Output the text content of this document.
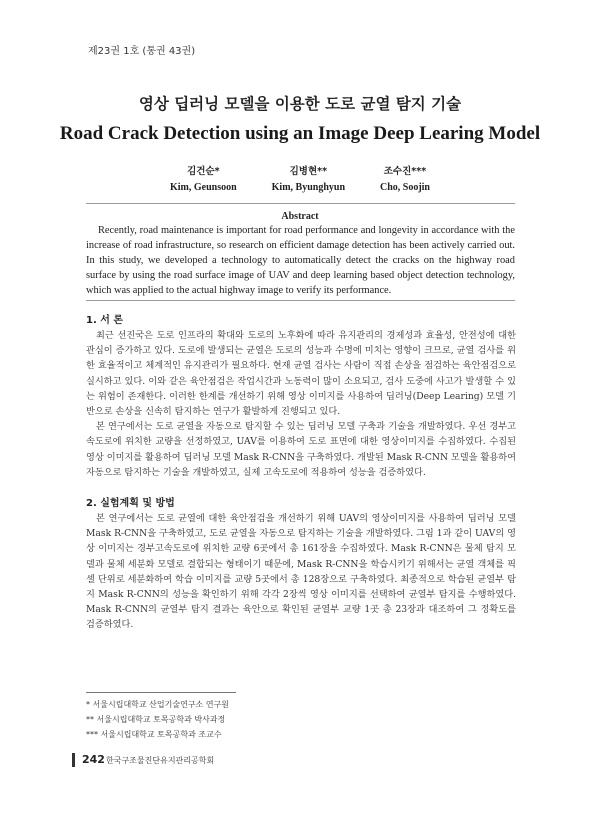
제23권 1호 (통권 43권)
영상 딥러닝 모델을 이용한 도로 균열 탐지 기술
Road Crack Detection using an Image Deep Learing Model
김건순*
Kim, Geunsoon
김병현**
Kim, Byunghyun
조수진***
Cho, Soojin
Abstract
Recently, road maintenance is important for road performance and longevity in accordance with the increase of road infrastructure, so research on efficient damage detection has been actively carried out. In this study, we developed a technology to automatically detect the cracks on the highway road surface by using the road surface image of UAV and deep learning based object detection technology, which was applied to the actual highway image to verify its performance.
1. 서 론

최근 선진국은 도로 인프라의 확대와 도로의 노후화에 따라 유지관리의 경제성과 효율성, 안전성에 대한 관심이 증가하고 있다. 도로에 발생되는 균열은 도로의 성능과 수명에 미치는 영향이 크므로, 균열 검사를 위한 효율적이고 체계적인 유지관리가 필요하다. 현재 균열 검사는 사람이 직접 손상을 점검하는 육안점검으로 실시하고 있다. 이와 같은 육안점검은 작업시간과 노동력이 많이 소요되고, 검사 도중에 사고가 발생할 수 있는 위험이 존재한다. 이러한 한계를 개선하기 위해 영상 이미지를 사용하여 딥러닝(Deep Learing) 모델 기반으로 손상을 신속히 탐지하는 연구가 활발하게 진행되고 있다.

본 연구에서는 도로 균열을 자동으로 탐지할 수 있는 딥러닝 모델 구축과 기술을 개발하였다. 우선 경부고속도로에 위치한 교량을 선정하였고, UAV를 이용하여 도로 표면에 대한 영상이미지를 수집하였다. 수집된 영상 이미지를 활용하여 딥러닝 모델 Mask R-CNN을 구축하였다. 개발된 Mask R-CNN 모델을 활용하여 자동으로 탐지하는 기술을 개발하였고, 실제 고속도로에 적용하여 성능을 검증하였다.

2. 실험계획 및 방법

본 연구에서는 도로 균열에 대한 육안점검을 개선하기 위해 UAV의 영상이미지를 사용하여 딥러닝 모델 Mask R-CNN을 구축하였고, 도로 균열을 자동으로 탐지하는 기술을 개발하였다. 그림 1과 같이 UAV의 영상 이미지는 경부고속도로에 위치한 교량 6곳에서 총 161장을 수집하였다. Mask R-CNN은 물체 탐지 모델과 물체 세분화 모델로 결합되는 형태이기 때문에, Mask R-CNN을 학습시키기 위해서는 균열 객체를 픽셀 단위로 세분화하여 학습 이미지를 교량 5곳에서 총 128장으로 구축하였다. 최종적으로 학습된 균열부 탐지 Mask R-CNN의 성능을 확인하기 위해 각각 2장씩 영상 이미지를 선택하여 균열부 탐지를 수행하였다. Mask R-CNN의 균열부 탐지 결과는 육안으로 확인된 균열부 교량 1곳 총 23장과 대조하여 그 정확도를 검증하였다.

* 서울시립대학교 산업기술연구소 연구원
** 서울시립대학교 토목공학과 박사과정
*** 서울시립대학교 토목공학과 조교수
242 한국구조물진단유지관리공학회
